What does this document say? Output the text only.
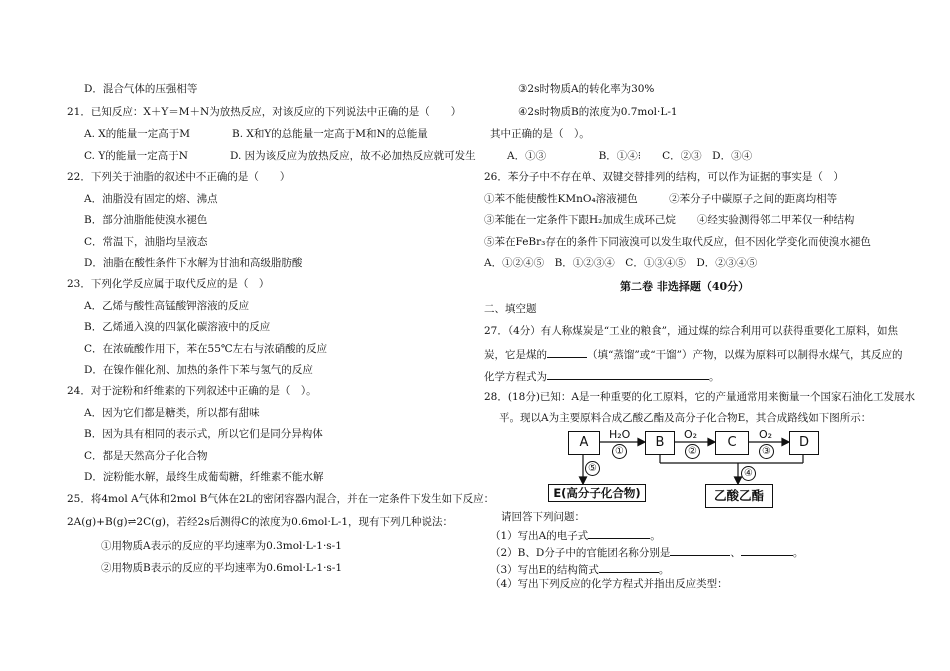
D．混合气体的压强相等
21．已知反应：X＋Y＝M＋N为放热反应，对该反应的下列说法中正确的是（　　）
A. X的能量一定高于M　　　　B. X和Y的总能量一定高于M和N的总能量
C. Y的能量一定高于N　　　　D. 因为该反应为放热反应，故不必加热反应就可发生
22．下列关于油脂的叙述中不正确的是（　　）
A．油脂没有固定的熔、沸点
B．部分油脂能使溴水褪色
C．常温下，油脂均呈液态
D．油脂在酸性条件下水解为甘油和高级脂肪酸
23．下列化学反应属于取代反应的是（　）
A．乙烯与酸性高锰酸钾溶液的反应
B．乙烯通入溴的四氯化碳溶液中的反应
C．在浓硫酸作用下，苯在55℃左右与浓硝酸的反应
D．在镍作催化剂、加热的条件下苯与氢气的反应
24．对于淀粉和纤维素的下列叙述中正确的是（　）。
A．因为它们都是糖类，所以都有甜味
B．因为具有相同的表示式，所以它们是同分异构体
C．都是天然高分子化合物
D．淀粉能水解，最终生成葡萄糖，纤维素不能水解
25．将4mol A气体和2mol B气体在2L的密闭容器内混合，并在一定条件下发生如下反应：
2A(g)+B(g)⇌2C(g)，若经2s后测得C的浓度为0.6mol·L-1，现有下列几种说法：
①用物质A表示的反应的平均速率为0.3mol·L-1·s-1
②用物质B表示的反应的平均速率为0.6mol·L-1·s-1
③2s时物质A的转化率为30%
④2s时物质B的浓度为0.7mol·L-1
其中正确的是（　）。
A．①③　　　　　B．①④⁝　　C．②③　D．③④
26．苯分子中不存在单、双键交替排列的结构，可以作为证据的事实是（　）
①苯不能使酸性KMnO₄溶液褪色　　　②苯分子中碳原子之间的距离均相等
③苯能在一定条件下跟H₂加成生成环己烷　　④经实验测得邻二甲苯仅一种结构
⑤苯在FeBr₃存在的条件下同液溴可以发生取代反应，但不因化学变化而使溴水褪色
A．①②④⑤　B．①②③④　C．①③④⑤　D．②③④⑤
第二卷 非选择题（40分）
二、填空题
27．（4分）有人称煤炭是“工业的粮食”，通过煤的综合利用可以获得重要化工原料，如焦
炭，它是煤的	（填“蒸馏”或“干馏”）产物，以煤为原料可以制得水煤气，其反应的
化学方程式为	。
28．(18分)已知：A是一种重要的化工原料，它的产量通常用来衡量一个国家石油化工发展水
平。现以A为主要原料合成乙酸乙酯及高分子化合物E，其合成路线如下图所示：
A	B	C	D
E(高分子化合物)	乙酸乙酯
H₂O	O₂	O₂
①	②	③
④
⑤
请回答下列问题：
（1）写出A的电子式	。
（2）B、D分子中的官能团名称分别是	、	。
（3）写出E的结构简式	。
（4）写出下列反应的化学方程式并指出反应类型：
